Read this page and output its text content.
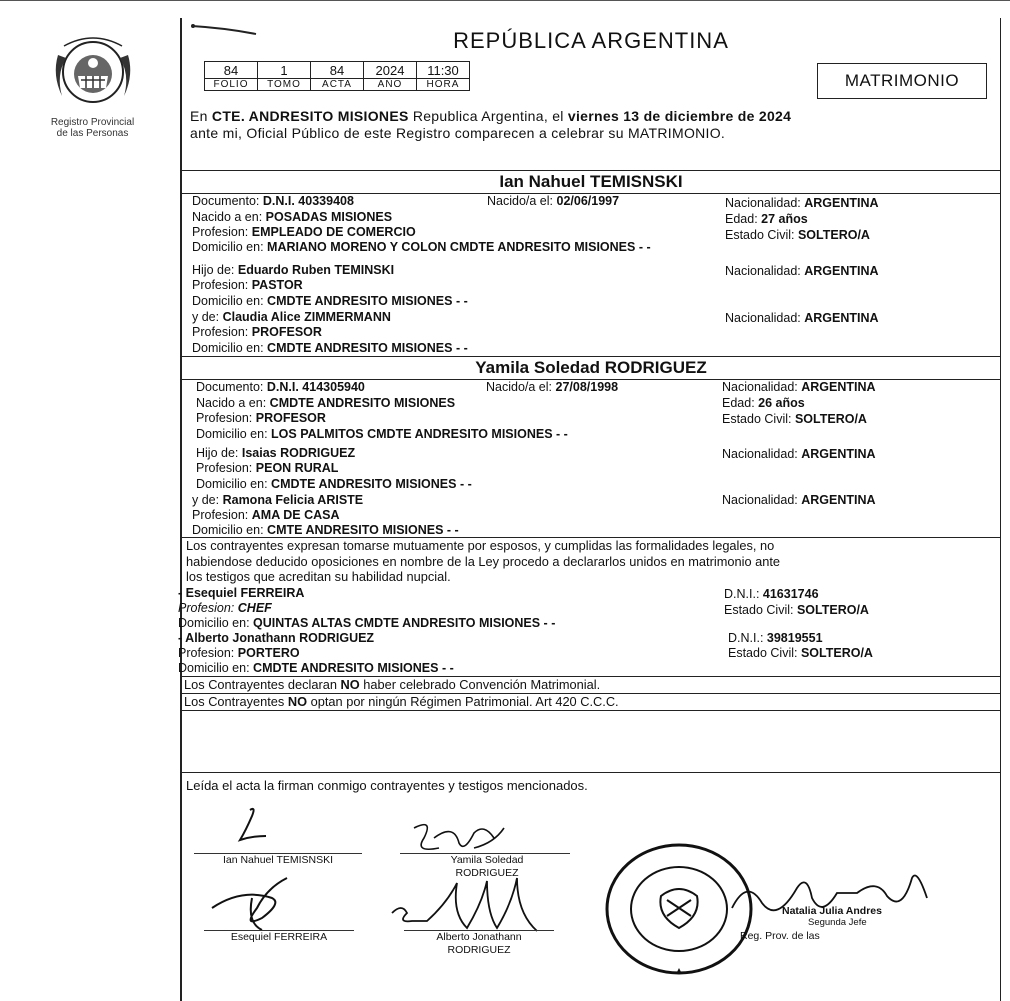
Registro Provincial
de las Personas
REPÚBLICA ARGENTINA
84	1	84	2024	11:30
FOLIO	TOMO	ACTA	AÑO	HORA	MATRIMONIO
En CTE. ANDRESITO MISIONES Republica Argentina, el viernes 13 de diciembre de 2024
ante mi, Oficial Público de este Registro comparecen a celebrar su MATRIMONIO.
Ian Nahuel TEMISNSKI
Documento: D.N.I. 40339408	Nacido/a el: 02/06/1997	Nacionalidad: ARGENTINA
Nacido a en: POSADAS MISIONES	Edad: 27 años
Profesion: EMPLEADO DE COMERCIO	Estado Civil: SOLTERO/A
Domicilio en: MARIANO MORENO Y COLON CMDTE ANDRESITO MISIONES - -
Hijo de: Eduardo Ruben TEMINSKI	Nacionalidad: ARGENTINA
Profesion: PASTOR
Domicilio en: CMDTE ANDRESITO MISIONES - -
y de: Claudia Alice ZIMMERMANN	Nacionalidad: ARGENTINA
Profesion: PROFESOR
Domicilio en: CMDTE ANDRESITO MISIONES - -
Yamila Soledad RODRIGUEZ
Documento: D.N.I. 414305940	Nacido/a el: 27/08/1998	Nacionalidad: ARGENTINA
Nacido a en: CMDTE ANDRESITO MISIONES	Edad: 26 años
Profesion: PROFESOR	Estado Civil: SOLTERO/A
Domicilio en: LOS PALMITOS CMDTE ANDRESITO MISIONES - -
Hijo de: Isaias RODRIGUEZ	Nacionalidad: ARGENTINA
Profesion: PEON RURAL
Domicilio en: CMDTE ANDRESITO MISIONES - -
y de: Ramona Felicia ARISTE	Nacionalidad: ARGENTINA
Profesion: AMA DE CASA
Domicilio en: CMTE ANDRESITO MISIONES - -
Los contrayentes expresan tomarse mutuamente por esposos, y cumplidas las formalidades legales, no
habiendose deducido oposiciones en nombre de la Ley procedo a declararlos unidos en matrimonio ante
los testigos que acreditan su habilidad nupcial.
- Esequiel FERREIRA	D.N.I.: 41631746
Profesion: CHEF	Estado Civil: SOLTERO/A
Domicilio en: QUINTAS ALTAS CMDTE ANDRESITO MISIONES - -
- Alberto Jonathann RODRIGUEZ	D.N.I.: 39819551
Profesion: PORTERO	Estado Civil: SOLTERO/A
Domicilio en: CMDTE ANDRESITO MISIONES - -
Los Contrayentes declaran NO haber celebrado Convención Matrimonial.
Los Contrayentes NO optan por ningún Régimen Patrimonial. Art 420 C.C.C.
Leída el acta la firman conmigo contrayentes y testigos mencionados.
Ian Nahuel TEMISNSKI	Yamila Soledad
RODRIGUEZ
Esequiel FERREIRA	Alberto Jonathann
RODRIGUEZ
Natalia Julia Andres
Segunda Jefe
Reg. Prov. de las
